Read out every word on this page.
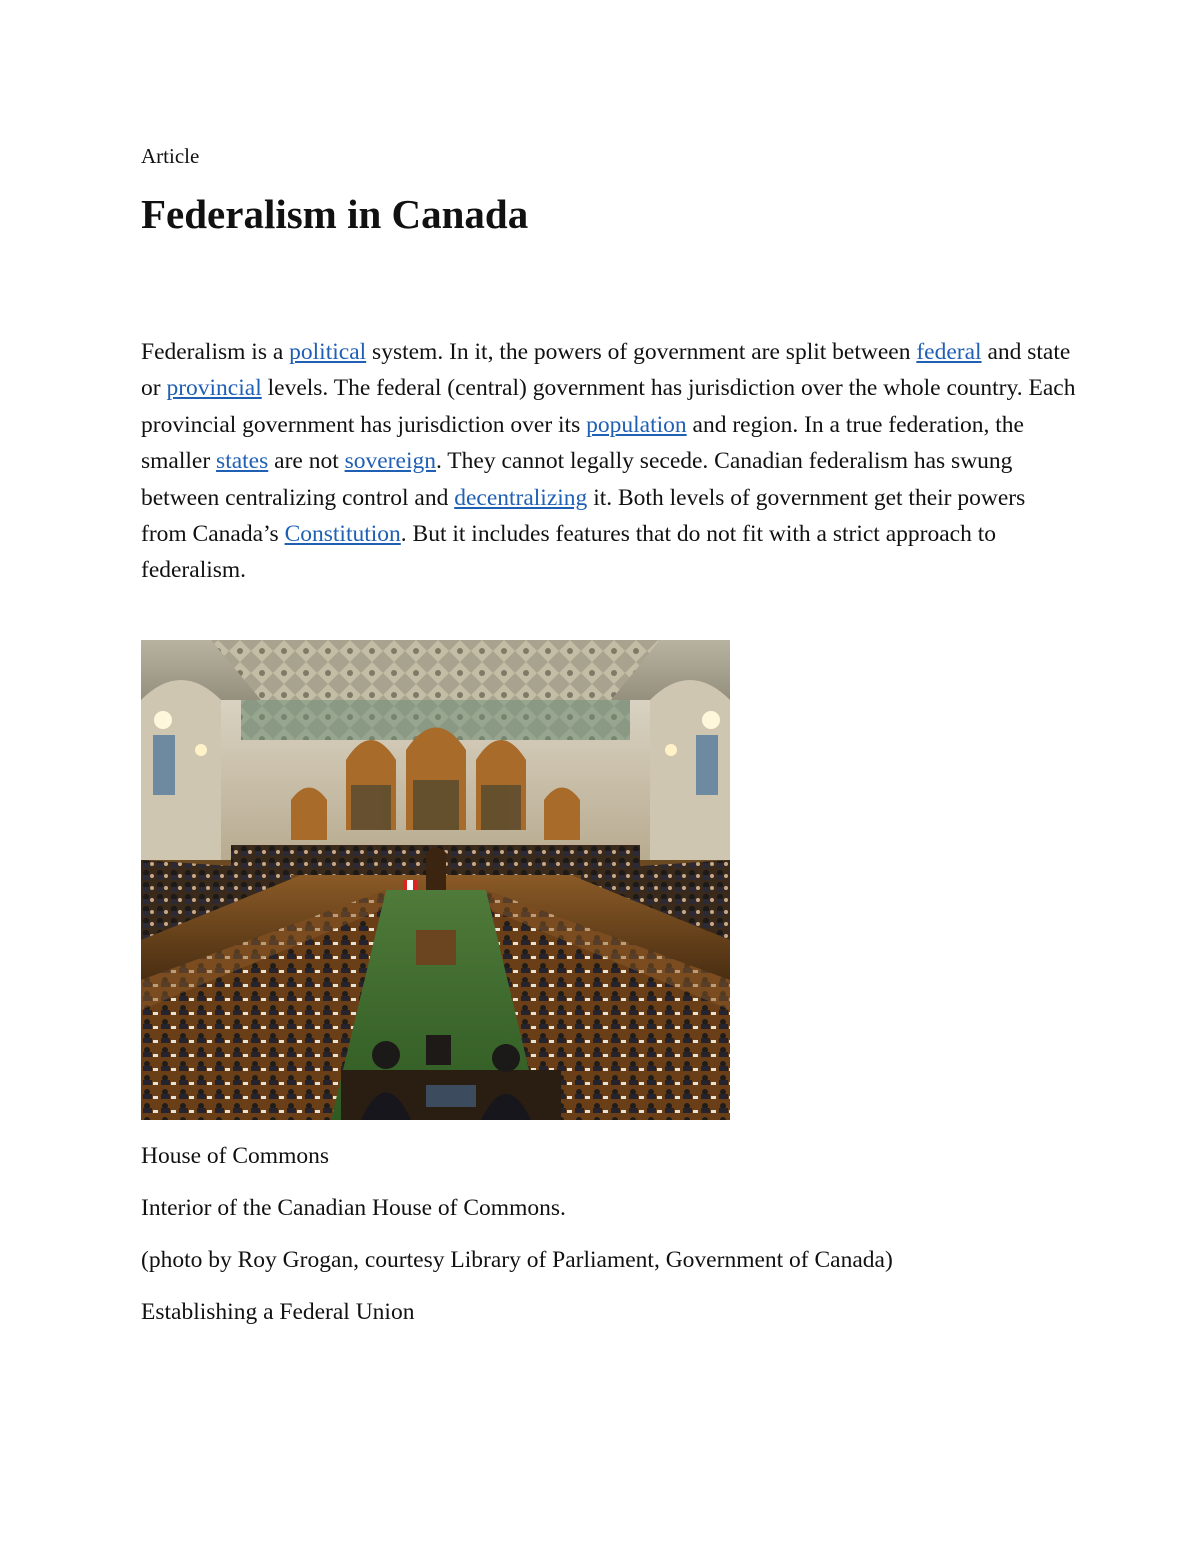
Article

Federalism in Canada

Federalism is a political system. In it, the powers of government are split between federal and state or provincial levels. The federal (central) government has jurisdiction over the whole country. Each provincial government has jurisdiction over its population and region. In a true federation, the smaller states are not sovereign. They cannot legally secede. Canadian federalism has swung between centralizing control and decentralizing it. Both levels of government get their powers from Canada’s Constitution. But it includes features that do not fit with a strict approach to federalism.

House of Commons

Interior of the Canadian House of Commons.

(photo by Roy Grogan, courtesy Library of Parliament, Government of Canada)

Establishing a Federal Union
